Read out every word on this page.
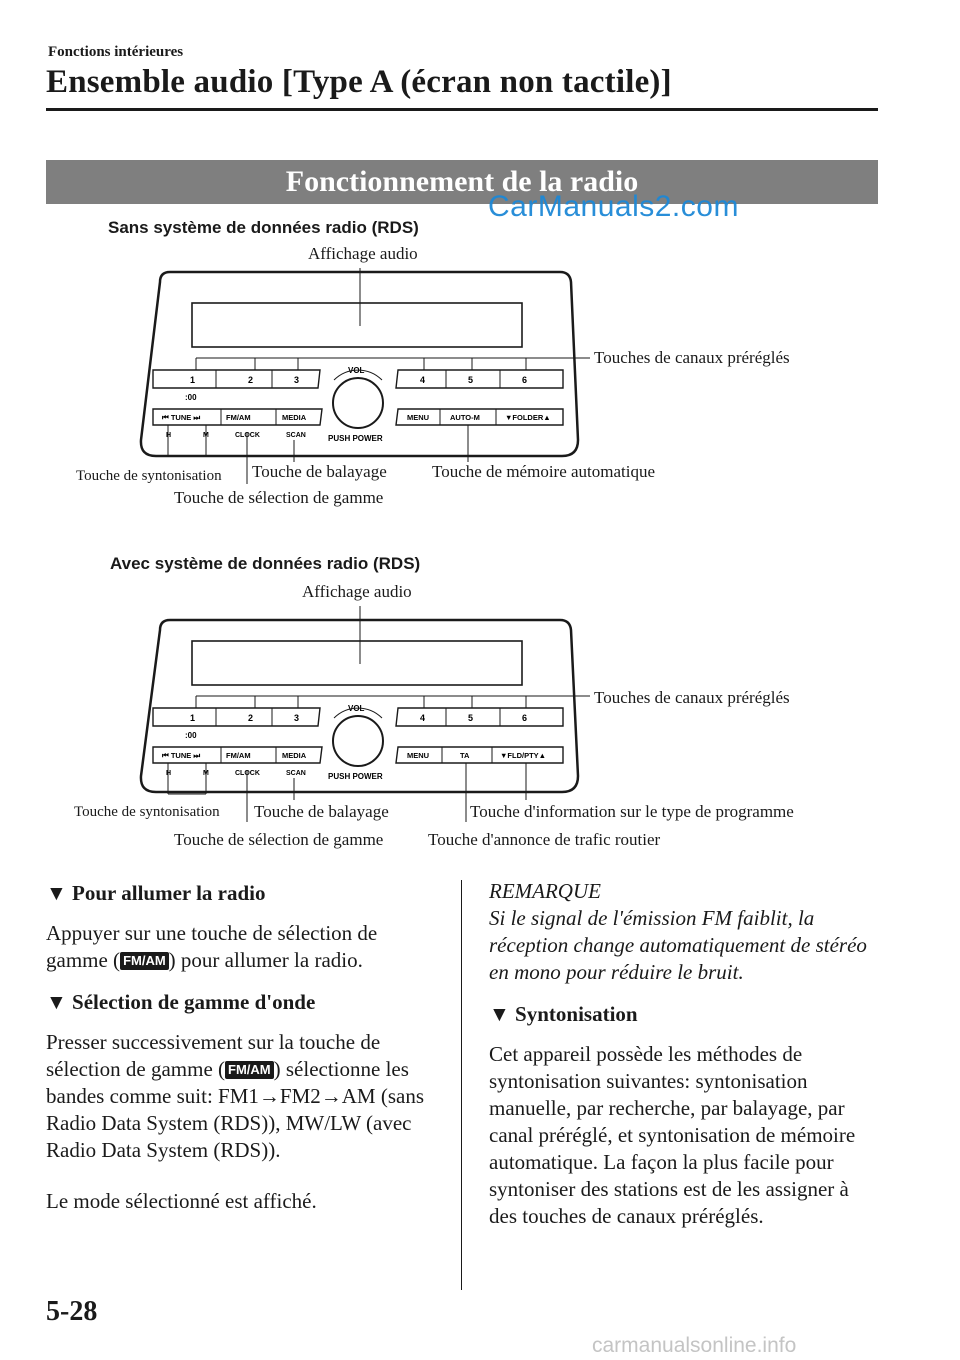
Fonctions intérieures
Ensemble audio [Type A (écran non tactile)]
Fonctionnement de la radio
CarManuals2.com
Sans système de données radio (RDS)
1	2	3	4	5	6
:00
VOL
PUSH POWER
⏮ TUNE ⏭	FM/AM	MEDIA	MENU	AUTO-M	▼FOLDER▲
H	M	CLOCK	SCAN
1	2	3	4	5	6
:00
VOL
PUSH POWER
⏮ TUNE ⏭	FM/AM	MEDIA	MENU	TA	▼FLD/PTY▲
H	M	CLOCK	SCAN
Affichage audio
Touches de canaux préréglés
Touche de syntonisation Touche de balayage	Touche de mémoire automatique
Touche de sélection de gamme
Avec système de données radio (RDS)
Affichage audio
Touches de canaux préréglés
Touche de syntonisation Touche de balayage	Touche d'information sur le type de programme
Touche de sélection de gamme	Touche d'annonce de trafic routier
▼ Pour allumer la radio

Appuyer sur une touche de sélection de gamme ( FM/AM ) pour allumer la radio.

▼ Sélection de gamme d'onde

Presser successivement sur la touche de sélection de gamme ( FM/AM ) sélectionne les bandes comme suit: FM1→FM2→AM (sans Radio Data System (RDS)), MW/LW (avec Radio Data System (RDS)).

Le mode sélectionné est affiché.

REMARQUE
Si le signal de l'émission FM faiblit, la réception change automatiquement de stéréo en mono pour réduire le bruit.
▼ Syntonisation

Cet appareil possède les méthodes de syntonisation suivantes: syntonisation manuelle, par recherche, par balayage, par canal préréglé, et syntonisation de mémoire automatique. La façon la plus facile pour syntoniser des stations est de les assigner à des touches de canaux préréglés.

5-28
carmanualsonline.info
